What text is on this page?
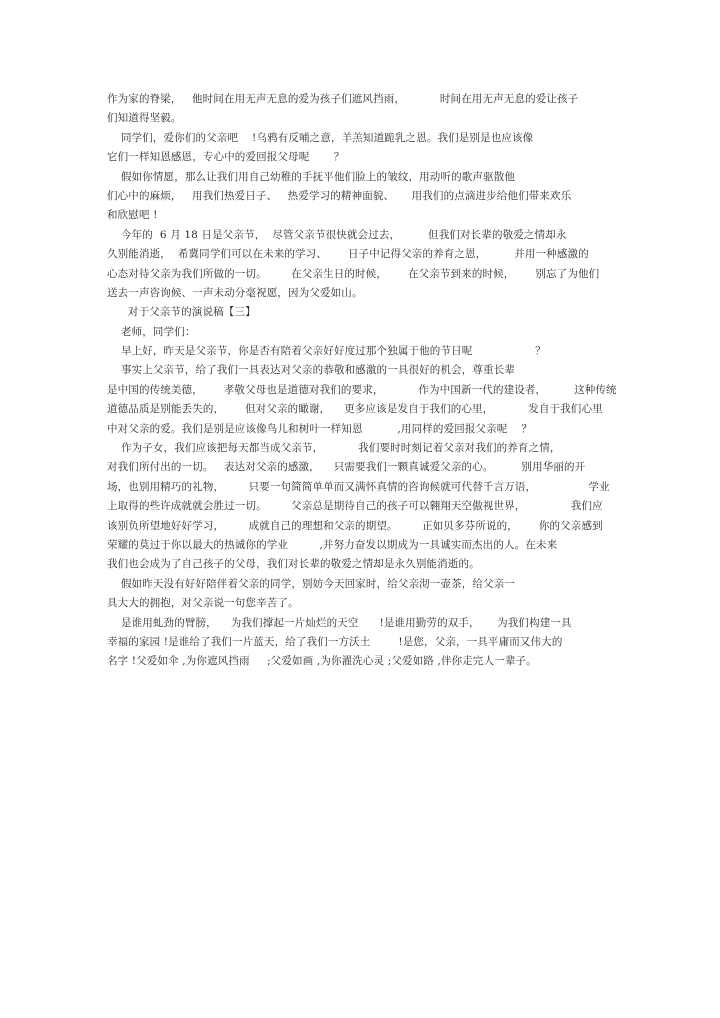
作为家的脊梁，   他时间在用无声无息的爱为孩子们遮风挡雨，          时间在用无声无息的爱让孩子
们知道得坚毅。
同学们，爱你们的父亲吧    !乌鸦有反哺之意，羊羔知道跪乳之恩。我们是别是也应该像
它们一样知恩感恩，专心中的爱回报父母呢       ？
假如你情愿，那么让我们用自己幼稚的手抚平他们脸上的皱纹，用动听的歌声驱散他
们心中的麻烦，   用我们热爱日子、   热爱学习的精神面貌、     用我们的点滴进步给他们带来欢乐
和欣慰吧 !
今年的  6 月 18 日是父亲节，  尽管父亲节很快就会过去，        但我们对长辈的敬爱之情却永
久别能消逝，  希冀同学们可以在未来的学习、      日子中记得父亲的养育之恩，        并用一种感激的
心态对待父亲为我们所做的一切。       在父亲生日的时候，      在父亲节到来的时候，      别忘了为他们
送去一声咨询候、一声未动分毫祝愿，因为父爱如山。
对于父亲节的演说稿【三】
老师，同学们：
早上好，昨天是父亲节，你是否有陪着父亲好好度过那个独属于他的节日呢                  ？
事实上父亲节，给了我们一具表达对父亲的恭敬和感激的一具很好的机会，尊重长辈
是中国的传统美德，      孝敬父母也是道德对我们的要求，          作为中国新一代的建设者，        这种传统
道德品质是别能丢失的，      但对父亲的瞰谢，    更多应该是发自于我们的心里，          发自于我们心里
中对父亲的爱。我们是别是应该像鸟儿和树叶一样知恩          ,用同样的爱回报父亲呢    ？
作为子女，我们应该把每天都当成父亲节，          我们要时时刻记着父亲对我们的养育之情，
对我们所付出的一切。   表达对父亲的感激，    只需要我们一颗真诚爱父亲的心。        别用华丽的开
场，也别用精巧的礼物，       只要一句简简单单而又满怀真情的咨询候就可代替千言万语，               学业
上取得的些许成就就会胜过一切。       父亲总是期待自己的孩子可以翱翔天空傲视世界，             我们应
该别负所望地好好学习，       成就自己的理想和父亲的期望。       正如贝多芬所说的，      你的父亲感到
荣耀的莫过于你以最大的热诚你的学业         ,并努力奋发以期成为一具诚实而杰出的人。在未来
我们也会成为了自己孩子的父母，我们对长辈的敬爱之情却是永久别能消逝的。
假如昨天没有好好陪伴着父亲的同学，别妨今天回家时，给父亲沏一壶茶，给父亲一
具大大的拥抱，对父亲说一句您辛苦了。
是谁用虬劲的臂膀，    为我们撑起一片灿烂的天空      !是谁用勤劳的双手，     为我们构建一具
幸福的家园 !是谁给了我们一片蓝天，给了我们一方沃土        !是您，父亲，一具平庸而又伟大的
名字 !父爱如伞 ,为你遮风挡雨     ;父爱如画 ,为你濯洗心灵 ;父爱如路 ,伴你走完人一辈子。
